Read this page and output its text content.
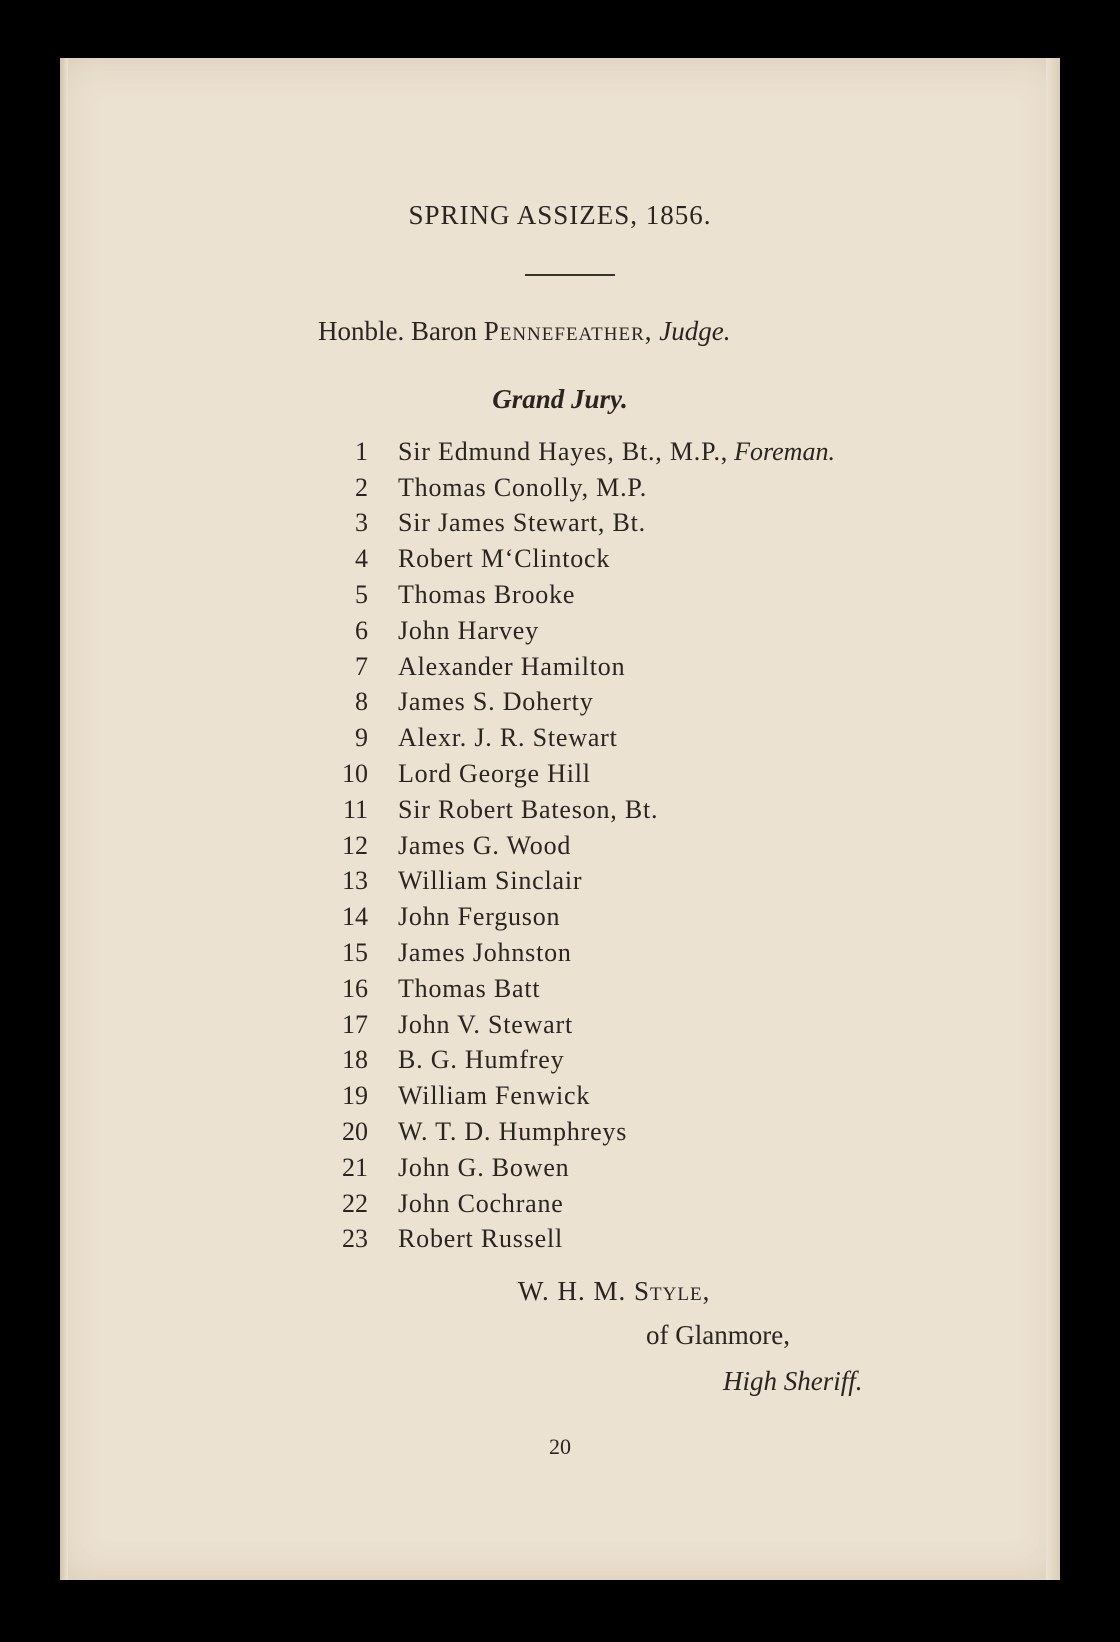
SPRING ASSIZES, 1856.
Honble. Baron Pennefeather, Judge.
Grand Jury.
1	Sir Edmund Hayes, Bt., M.P., Foreman.
2	Thomas Conolly, M.P.
3	Sir James Stewart, Bt.
4	Robert M‘Clintock
5	Thomas Brooke
6	John Harvey
7	Alexander Hamilton
8	James S. Doherty
9	Alexr. J. R. Stewart
10	Lord George Hill
11	Sir Robert Bateson, Bt.
12	James G. Wood
13	William Sinclair
14	John Ferguson
15	James Johnston
16	Thomas Batt
17	John V. Stewart
18	B. G. Humfrey
19	William Fenwick
20	W. T. D. Humphreys
21	John G. Bowen
22	John Cochrane
23	Robert Russell
W. H. M. Style,
of Glanmore,
High Sheriff.
20
